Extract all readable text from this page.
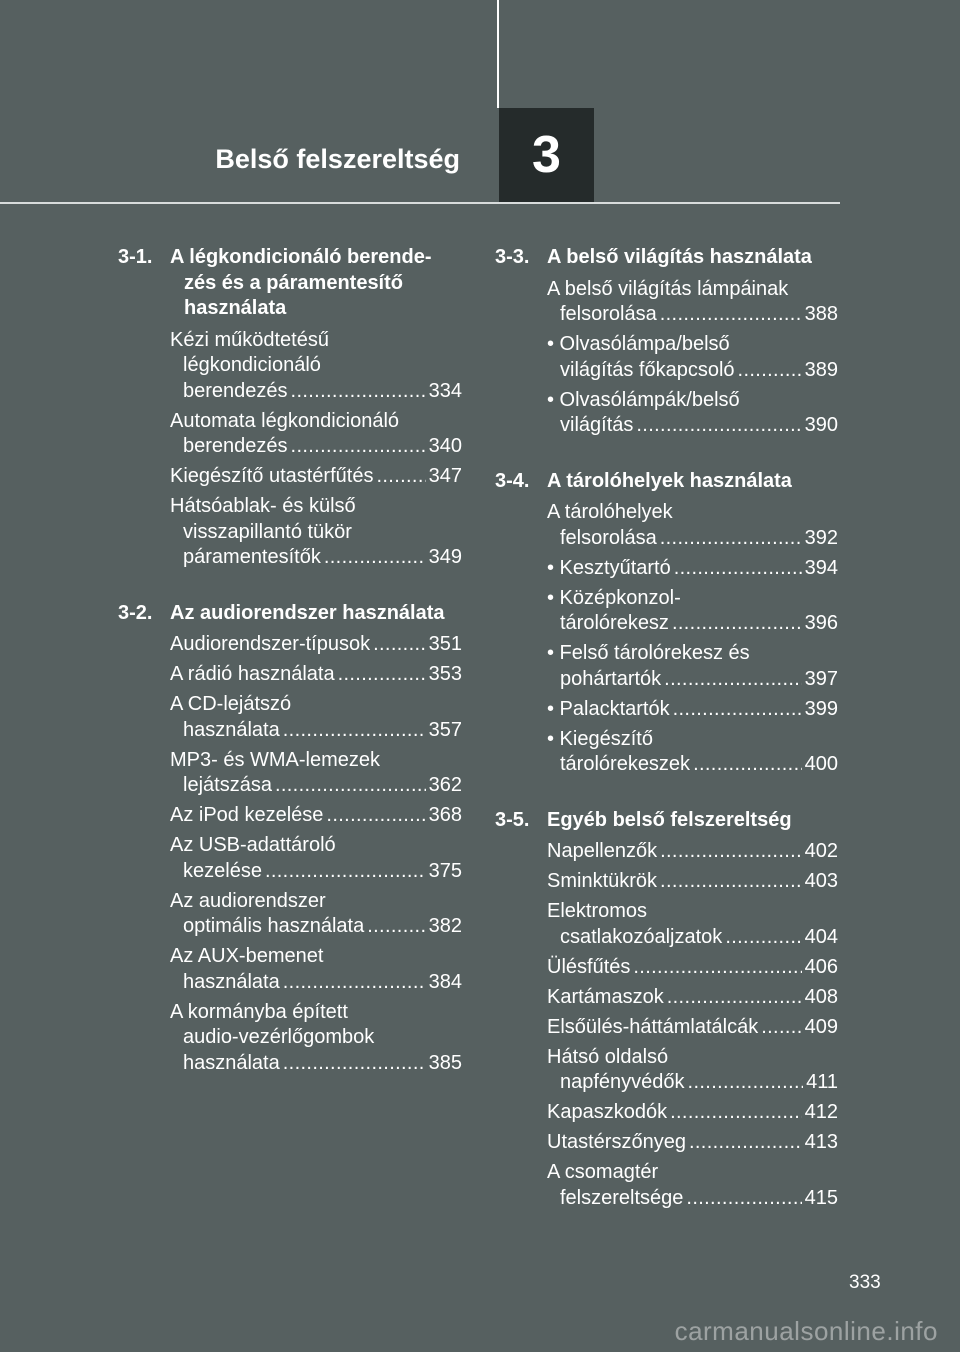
3
Belső felszereltség
3-1. A légkondicionáló berende-
zés és a páramentesítő
használata
Kézi működtetésű
légkondicionáló
berendezés . . .	334
Automata légkondicionáló
berendezés . . .	340
Kiegészítő utastérfűtés . . .	347
Hátsóablak- és külső
visszapillantó tükör
páramentesítők . . .	349
3-2. Az audiorendszer használata
Audiorendszer-típusok . . .	351
A rádió használata . . .	353
A CD-lejátszó
használata . . .	357
MP3- és WMA-lemezek
lejátszása . . .	362
Az iPod kezelése . . .	368
Az USB-adattároló
kezelése . . .	375
Az audiorendszer
optimális használata . . .	382
Az AUX-bemenet
használata . . .	384
A kormányba épített
audio-vezérlőgombok
használata . . .	385
3-3. A belső világítás használata
A belső világítás lámpáinak
felsorolása . . .	388
• Olvasólámpa/belső
világítás főkapcsoló . . .	389
• Olvasólámpák/belső
világítás . . .	390
3-4. A tárolóhelyek használata
A tárolóhelyek
felsorolása . . .	392
• Kesztyűtartó . . .	394
• Középkonzol-
tárolórekesz . . .	396
• Felső tárolórekesz és
pohártartók . . .	397
• Palacktartók . . .	399
• Kiegészítő
tárolórekeszek . . .	400
3-5. Egyéb belső felszereltség
Napellenzők . . .	402
Sminktükrök . . .	403
Elektromos
csatlakozóaljzatok . . .	404
Ülésfűtés . . .	406
Kartámaszok . . .	408
Elsőülés-háttámlatálcák . . . 409
Hátsó oldalsó
napfényvédők . . .	411
Kapaszkodók . . .	412
Utastérszőnyeg . . .	413
A csomagtér
felszereltsége . . .	415
333
carmanualsonline.info
